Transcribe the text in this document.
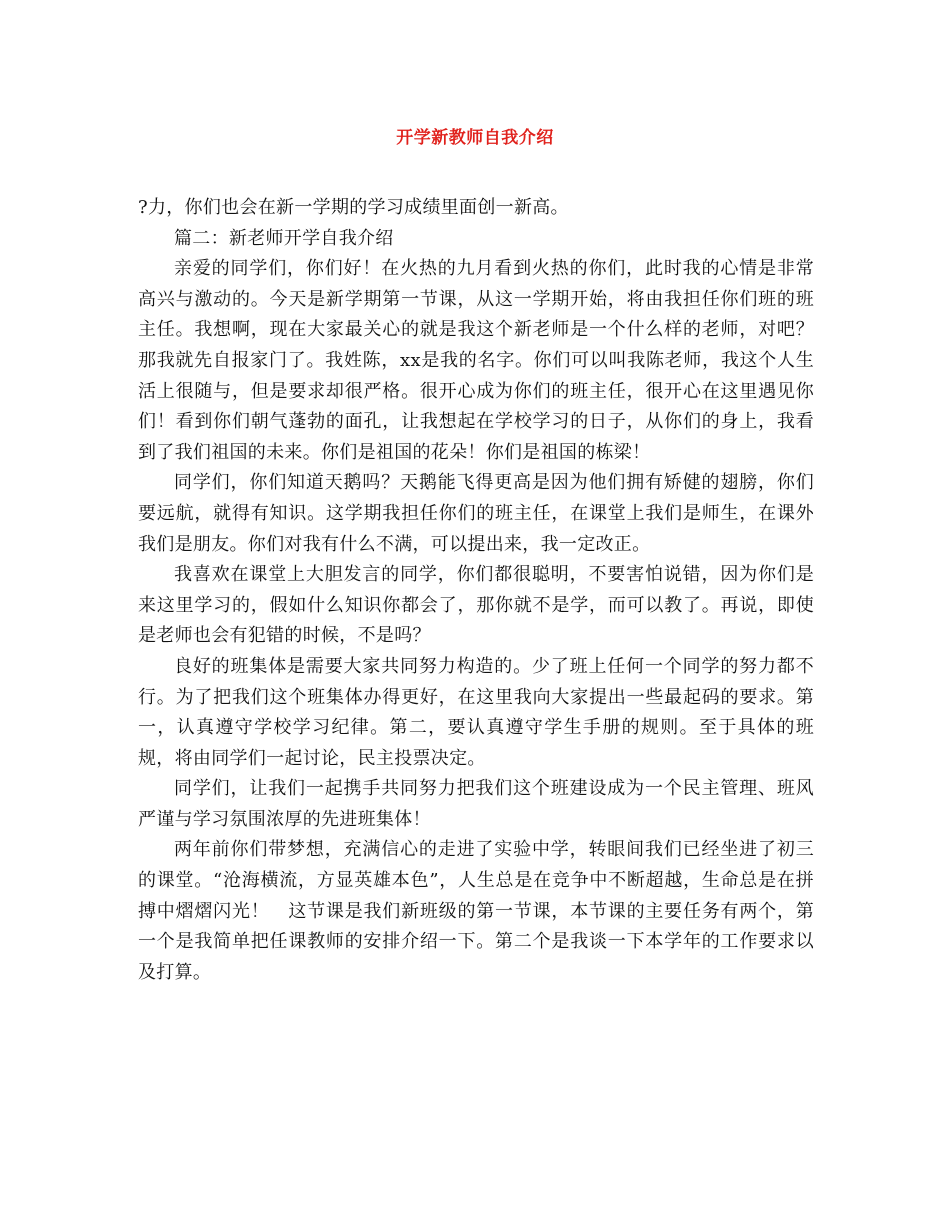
开学新教师自我介绍

?力，你们也会在新一学期的学习成绩里面创一新高。

篇二：新老师开学自我介绍

亲爱的同学们，你们好！在火热的九月看到火热的你们，此时我的心情是非常高兴与激动的。今天是新学期第一节课，从这一学期开始，将由我担任你们班的班主任。我想啊，现在大家最关心的就是我这个新老师是一个什么样的老师，对吧？那我就先自报家门了。我姓陈，xx是我的名字。你们可以叫我陈老师，我这个人生活上很随与，但是要求却很严格。很开心成为你们的班主任，很开心在这里遇见你们！看到你们朝气蓬勃的面孔，让我想起在学校学习的日子，从你们的身上，我看到了我们祖国的未来。你们是祖国的花朵！你们是祖国的栋梁！

同学们，你们知道天鹅吗？天鹅能飞得更高是因为他们拥有矫健的翅膀，你们要远航，就得有知识。这学期我担任你们的班主任，在课堂上我们是师生，在课外我们是朋友。你们对我有什么不满，可以提出来，我一定改正。

我喜欢在课堂上大胆发言的同学，你们都很聪明，不要害怕说错，因为你们是来这里学习的，假如什么知识你都会了，那你就不是学，而可以教了。再说，即使是老师也会有犯错的时候，不是吗？

良好的班集体是需要大家共同努力构造的。少了班上任何一个同学的努力都不行。为了把我们这个班集体办得更好，在这里我向大家提出一些最起码的要求。第一，认真遵守学校学习纪律。第二，要认真遵守学生手册的规则。至于具体的班规，将由同学们一起讨论，民主投票决定。

同学们，让我们一起携手共同努力把我们这个班建设成为一个民主管理、班风严谨与学习氛围浓厚的先进班集体！

两年前你们带梦想，充满信心的走进了实验中学，转眼间我们已经坐进了初三的课堂。“沧海横流，方显英雄本色”，人生总是在竞争中不断超越，生命总是在拼搏中熠熠闪光！　这节课是我们新班级的第一节课，本节课的主要任务有两个，第一个是我简单把任课教师的安排介绍一下。第二个是我谈一下本学年的工作要求以及打算。
